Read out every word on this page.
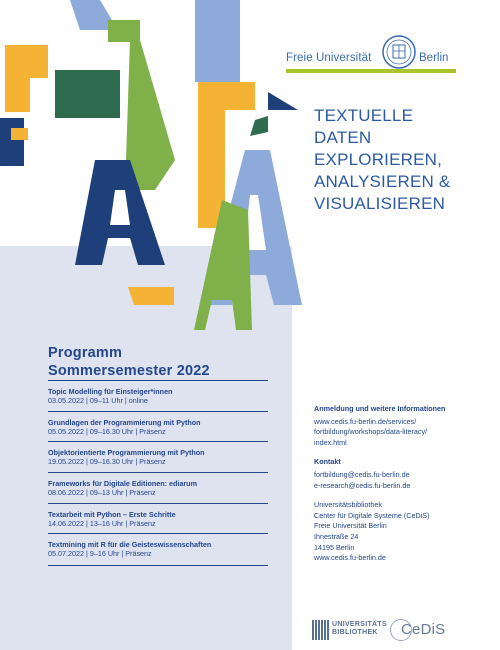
Freie Universität	Berlin
TEXTUELLE
DATEN
EXPLORIEREN,
ANALYSIEREN &
VISUALISIEREN
Programm
Sommersemester 2022
Topic Modelling für Einsteiger*innen
03.05.2022 | 09–11 Uhr | online
Grundlagen der Programmierung mit Python
05.05.2022 | 09–16.30 Uhr | Präsenz
Objektorientierte Programmierung mit Python
19.05.2022 | 09–16.30 Uhr | Präsenz
Frameworks für Digitale Editionen: ediarum
08.06.2022 | 09–13 Uhr | Präsenz
Textarbeit mit Python – Erste Schritte
14.06.2022 | 13–16 Uhr | Präsenz
Textmining mit R für die Geisteswissenschaften
05.07.2022 | 9–16 Uhr | Präsenz
Anmeldung und weitere Informationen
www.cedis.fu-berlin.de/services/
fortbildung/workshops/data-literacy/
index.html
Kontakt
fortbildung@cedis.fu-berlin.de
e-research@cedis.fu-berlin.de
Universitätsbibliothek
Center für Digitale Systeme (CeDiS)
Freie Universität Berlin
Ihnestraße 24
14195 Berlin
www.cedis.fu-berlin.de
UNIVERSITÄTS
BIBLIOTHEK	CeDiS
